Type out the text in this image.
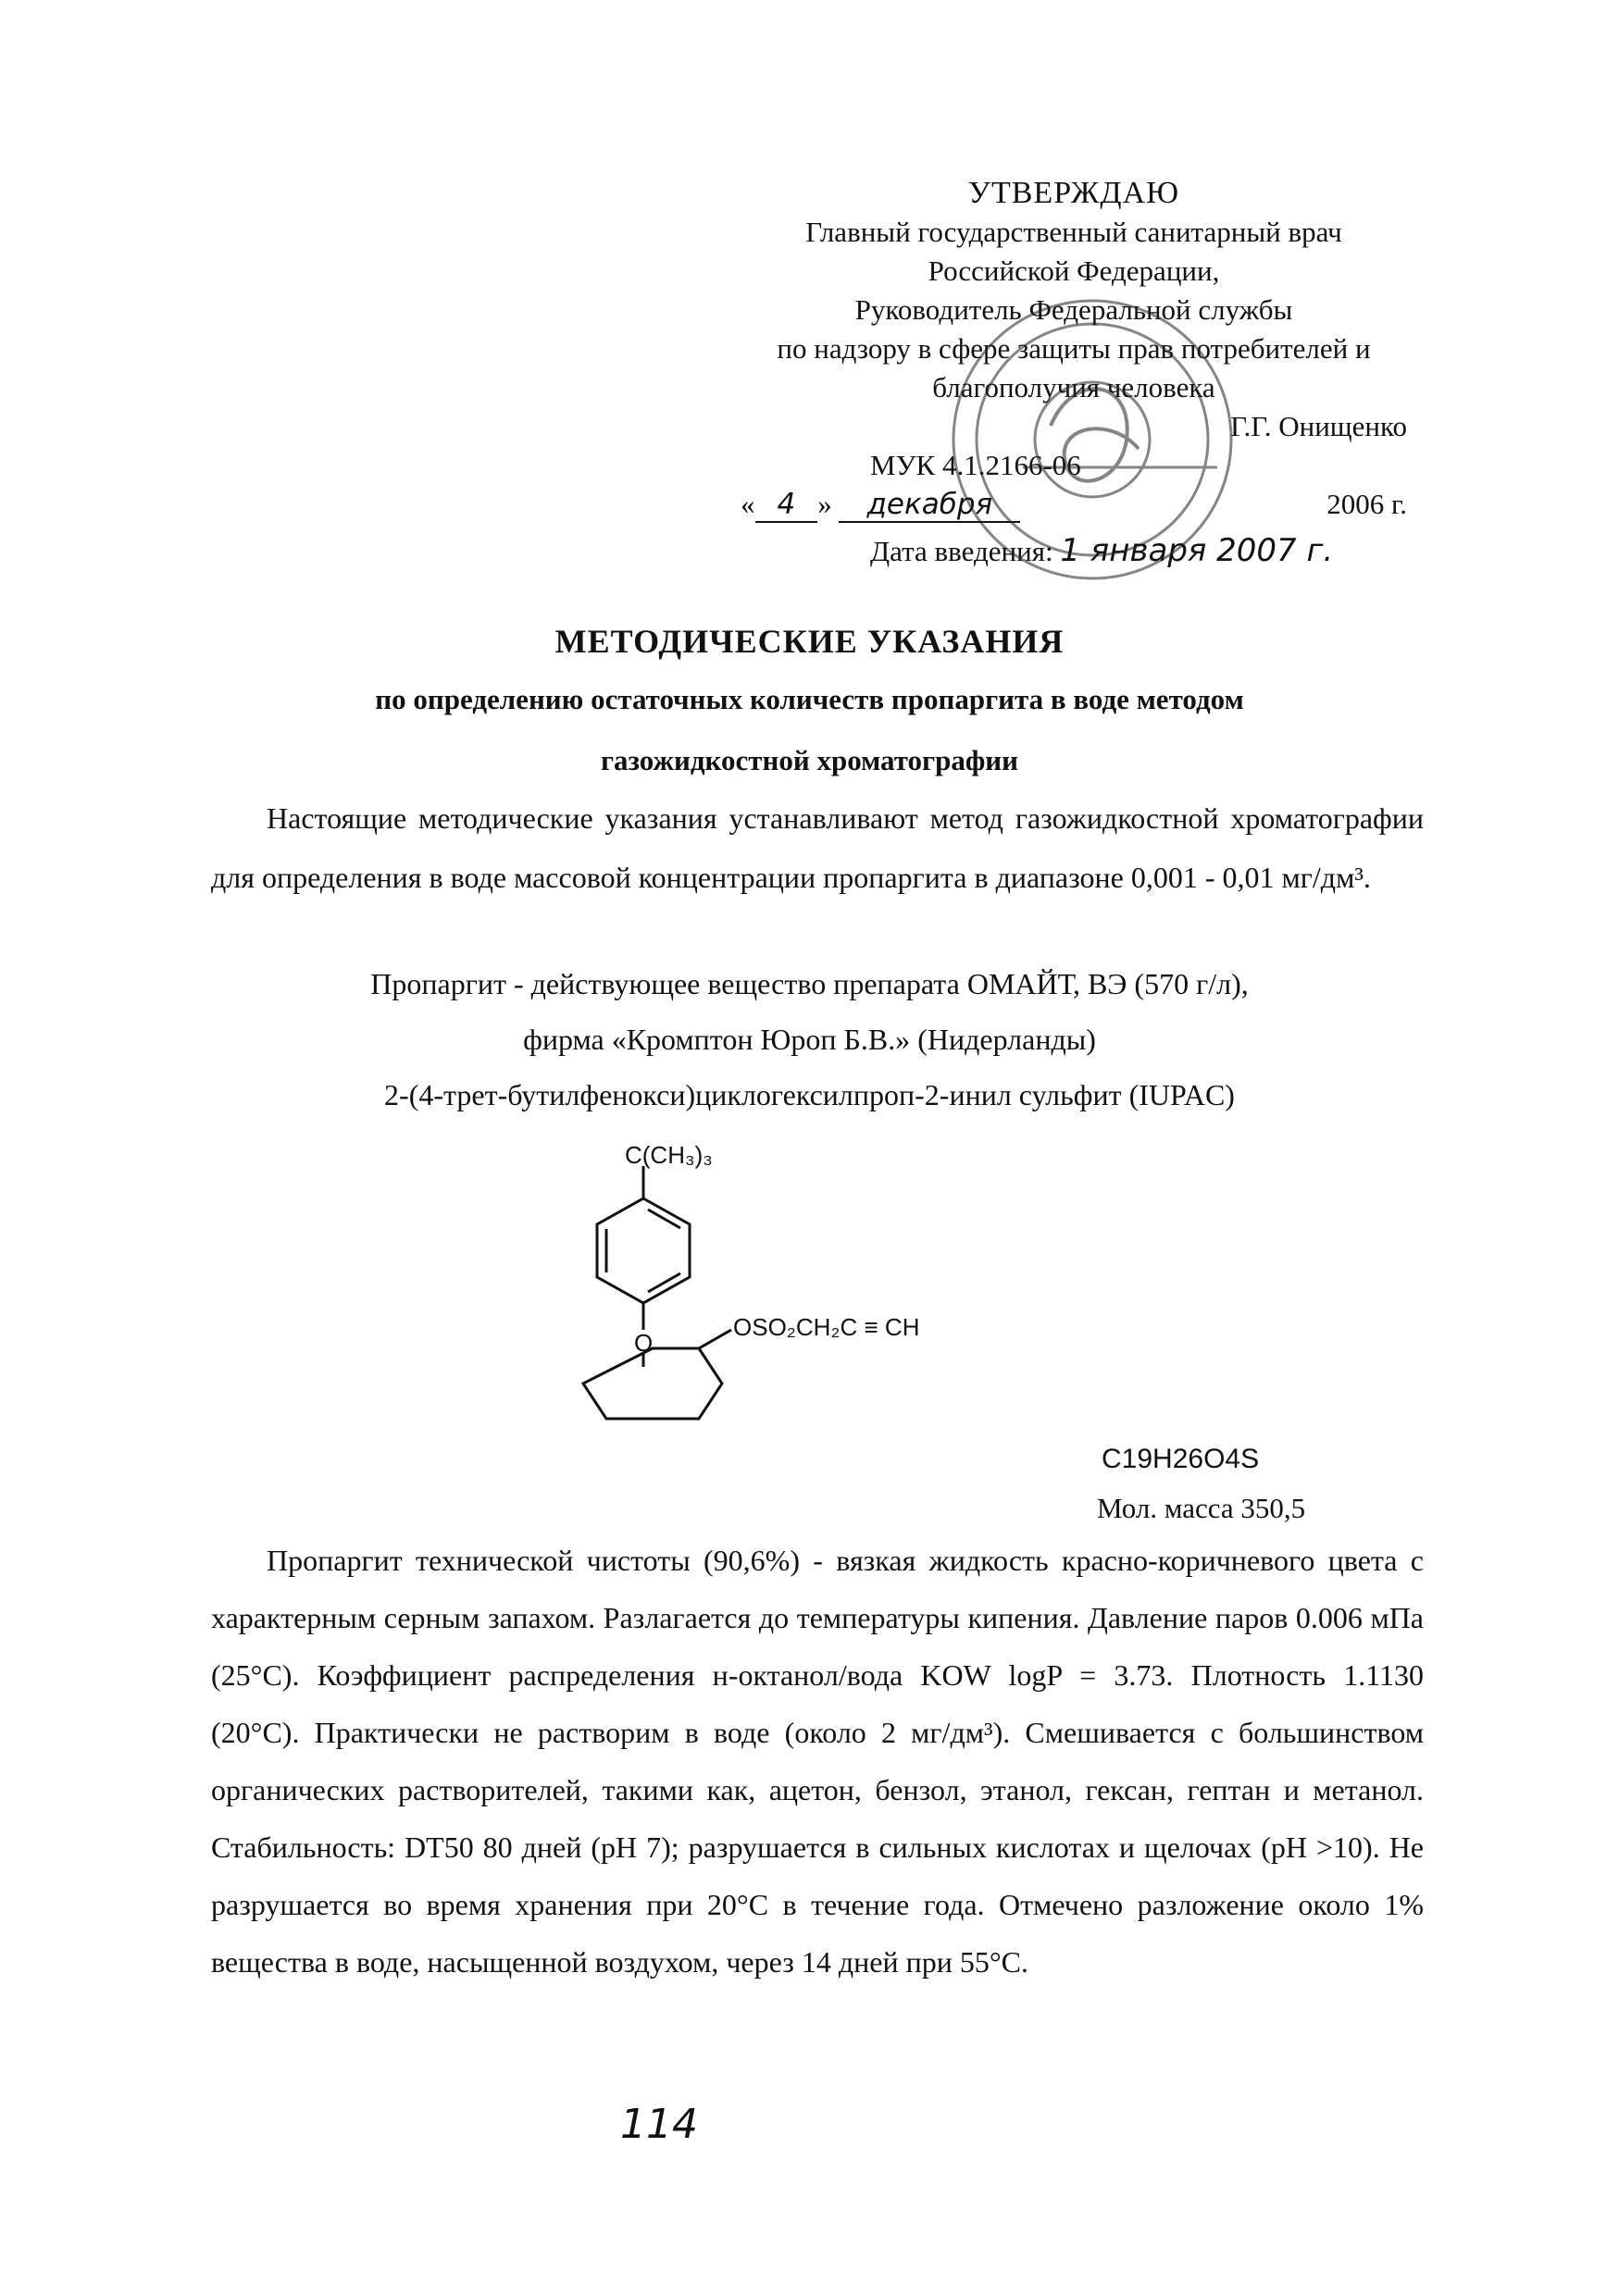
УТВЕРЖДАЮ
Главный государственный санитарный врач
Российской Федерации,
Руководитель Федеральной службы
по надзору в сфере защиты прав потребителей и
благополучия человека
Г.Г. Онищенко
МУК 4.1.2166-06
« 4 » декабря	2006 г.
Дата введения: 1 января 2007 г.
МЕТОДИЧЕСКИЕ УКАЗАНИЯ
по определению остаточных количеств пропаргита в воде методом
газожидкостной хроматографии
Настоящие методические указания устанавливают метод газожидкостной хроматографии для определения в воде массовой концентрации пропаргита в диапазоне 0,001 - 0,01 мг/дм³.
Пропаргит - действующее вещество препарата ОМАЙТ, ВЭ (570 г/л),
фирма «Кромптон Юроп Б.В.» (Нидерланды)
2-(4-трет-бутилфенокси)циклогексилпроп-2-инил сульфит (IUPAC)
C(CH₃)₃
O
OSO₂CH₂C ≡ CH
C19H26O4S
Мол. масса 350,5
Пропаргит технической чистоты (90,6%) - вязкая жидкость красно-коричневого цвета с характерным серным запахом. Разлагается до температуры кипения. Давление паров 0.006 мПа (25°С). Коэффициент распределения н-октанол/вода KOW logP = 3.73. Плотность 1.1130 (20°С). Практически не растворим в воде (около 2 мг/дм³). Смешивается с большинством органических растворителей, такими как, ацетон, бензол, этанол, гексан, гептан и метанол. Стабильность: DT50 80 дней (pH 7); разрушается в сильных кислотах и щелочах (pH >10). Не разрушается во время хранения при 20°С в течение года. Отмечено разложение около 1% вещества в воде, насыщенной воздухом, через 14 дней при 55°С.
114
